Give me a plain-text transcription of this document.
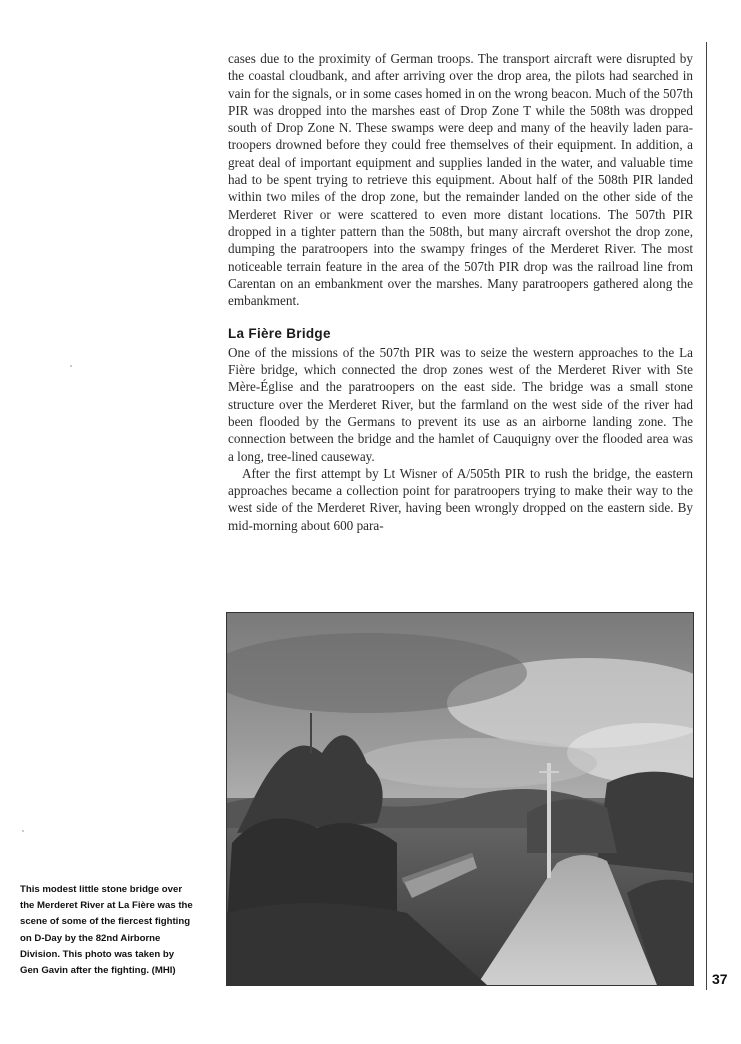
cases due to the proximity of German troops. The transport aircraft were disrupted by the coastal cloudbank, and after arriving over the drop area, the pilots had searched in vain for the signals, or in some cases homed in on the wrong beacon. Much of the 507th PIR was dropped into the marshes east of Drop Zone T while the 508th was dropped south of Drop Zone N. These swamps were deep and many of the heavily laden paratroopers drowned before they could free themselves of their equipment. In addition, a great deal of important equipment and supplies landed in the water, and valuable time had to be spent trying to retrieve this equipment. About half of the 508th PIR landed within two miles of the drop zone, but the remainder landed on the other side of the Merderet River or were scattered to even more distant locations. The 507th PIR dropped in a tighter pattern than the 508th, but many aircraft overshot the drop zone, dumping the paratroopers into the swampy fringes of the Merderet River. The most noticeable terrain feature in the area of the 507th PIR drop was the railroad line from Carentan on an embankment over the marshes. Many paratroopers gathered along the embankment.

La Fière Bridge

One of the missions of the 507th PIR was to seize the western approaches to the La Fière bridge, which connected the drop zones west of the Merderet River with Ste Mère-Église and the paratroopers on the east side. The bridge was a small stone structure over the Merderet River, but the farmland on the west side of the river had been flooded by the Germans to prevent its use as an airborne landing zone. The connection between the bridge and the hamlet of Cauquigny over the flooded area was a long, tree-lined causeway.

After the first attempt by Lt Wisner of A/505th PIR to rush the bridge, the eastern approaches became a collection point for paratroopers trying to make their way to the west side of the Merderet River, having been wrongly dropped on the eastern side. By mid-morning about 600 para-

This modest little stone bridge over the Merderet River at La Fière was the scene of some of the fiercest fighting on D-Day by the 82nd Airborne Division. This photo was taken by Gen Gavin after the fighting. (MHI)
37
